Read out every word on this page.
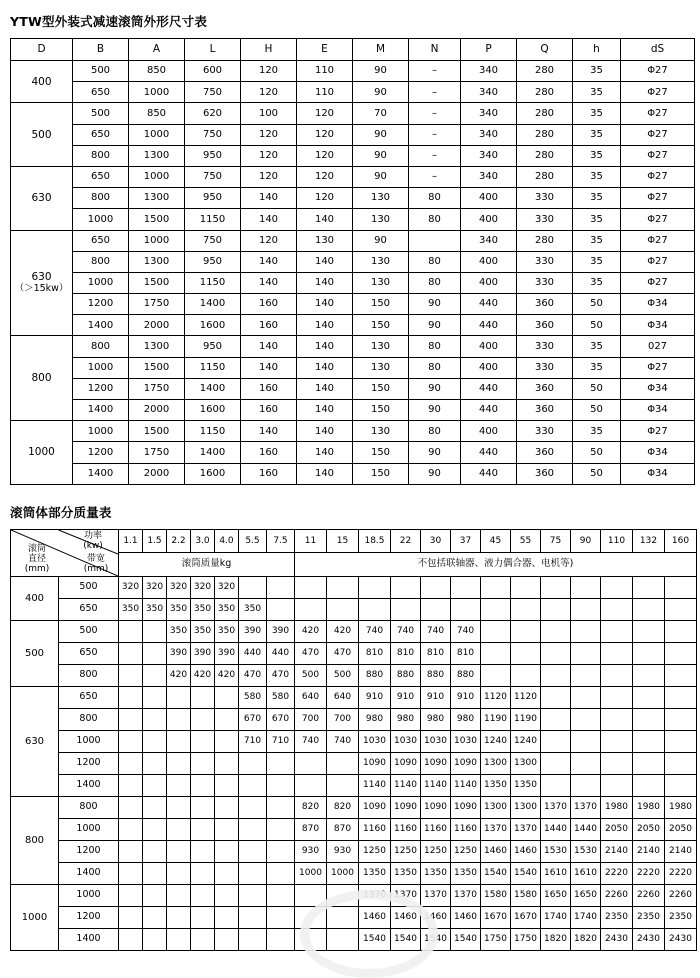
YTW型外装式减速滚筒外形尺寸表
D	B	A	L	H	E	M	N	P	Q	h	dS
400	500	850	600	120	110	90	–	340	280	35	Φ27
	650	1000	750	120	110	90	–	340	280	35	Φ27
500	500	850	620	100	120	70	–	340	280	35	Φ27
	650	1000	750	120	120	90	–	340	280	35	Φ27
	800	1300	950	120	120	90	–	340	280	35	Φ27
630	650	1000	750	120	120	90	–	340	280	35	Φ27
	800	1300	950	140	120	130	80	400	330	35	Φ27
	1000	1500	1150	140	140	130	80	400	330	35	Φ27
630
（＞15kw）	650	1000	750	120	130	90		340	280	35	Φ27
	800	1300	950	140	140	130	80	400	330	35	Φ27
	1000	1500	1150	140	140	130	80	400	330	35	Φ27
	1200	1750	1400	160	140	150	90	440	360	50	Φ34
	1400	2000	1600	160	140	150	90	440	360	50	Φ34
800	800	1300	950	140	140	130	80	400	330	35	027
	1000	1500	1150	140	140	130	80	400	330	35	Φ27
	1200	1750	1400	160	140	150	90	440	360	50	Φ34
	1400	2000	1600	160	140	150	90	440	360	50	Φ34
1000	1000	1500	1150	140	140	130	80	400	330	35	Φ27
	1200	1750	1400	160	140	150	90	440	360	50	Φ34
	1400	2000	1600	160	140	150	90	440	360	50	Φ34
滚筒体部分质量表
滚筒
直径
(mm)
带宽
(mm)
功率
(kw)	1.1	1.5	2.2	3.0	4.0	5.5	7.5	11	15	18.5	22	30	37	45	55	75	90	110	132	160
		滚筒质量kg							不包括联轴器、液力偶合器、电机等)												
400	500	320	320	320	320	320															
	650	350	350	350	350	350	350														
500	500			350	350	350	390	390	420	420	740	740	740	740							
	650			390	390	390	440	440	470	470	810	810	810	810							
	800			420	420	420	470	470	500	500	880	880	880	880							
630	650						580	580	640	640	910	910	910	910	1120	1120					
	800						670	670	700	700	980	980	980	980	1190	1190					
	1000						710	710	740	740	1030	1030	1030	1030	1240	1240					
	1200										1090	1090	1090	1090	1300	1300					
	1400										1140	1140	1140	1140	1350	1350					
800	800								820	820	1090	1090	1090	1090	1300	1300	1370	1370	1980	1980	1980
	1000								870	870	1160	1160	1160	1160	1370	1370	1440	1440	2050	2050	2050
	1200								930	930	1250	1250	1250	1250	1460	1460	1530	1530	2140	2140	2140
	1400								1000	1000	1350	1350	1350	1350	1540	1540	1610	1610	2220	2220	2220
1000	1000										1370	1370	1370	1370	1580	1580	1650	1650	2260	2260	2260
	1200										1460	1460	1460	1460	1670	1670	1740	1740	2350	2350	2350
	1400										1540	1540	1540	1540	1750	1750	1820	1820	2430	2430	2430
